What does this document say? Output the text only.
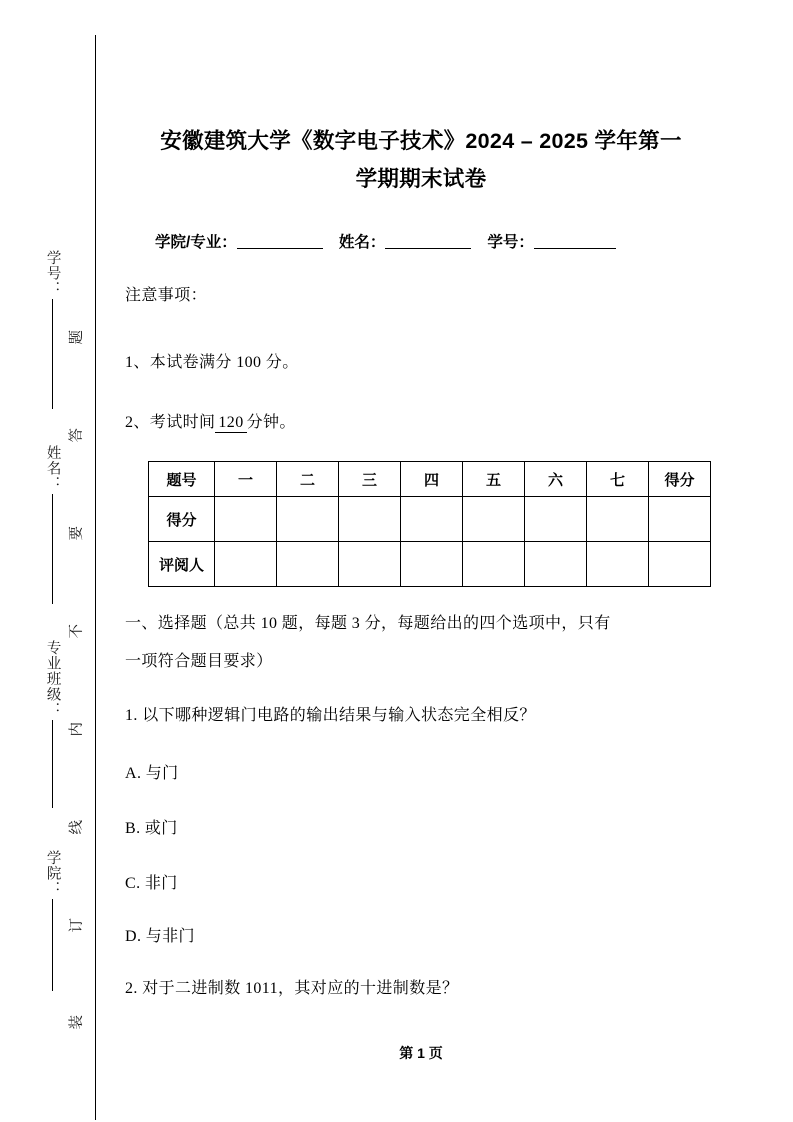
题
答
要
不
内
线
订
装
学号：
姓名：
专业班级：
学院：
安徽建筑大学《数字电子技术》2024 – 2025 学年第一
学期期末试卷
学院/专业：	姓名：	学号：
注意事项：
1、本试卷满分 100 分。
2、考试时间 120 分钟。
题号	一	二	三	四	五	六	七	得分
得分								
评阅人								
一、选择题（总共 10 题，每题 3 分，每题给出的四个选项中，只有
一项符合题目要求）
1. 以下哪种逻辑门电路的输出结果与输入状态完全相反？
A. 与门
B. 或门
C. 非门
D. 与非门
2. 对于二进制数 1011，其对应的十进制数是？
第 1 页
